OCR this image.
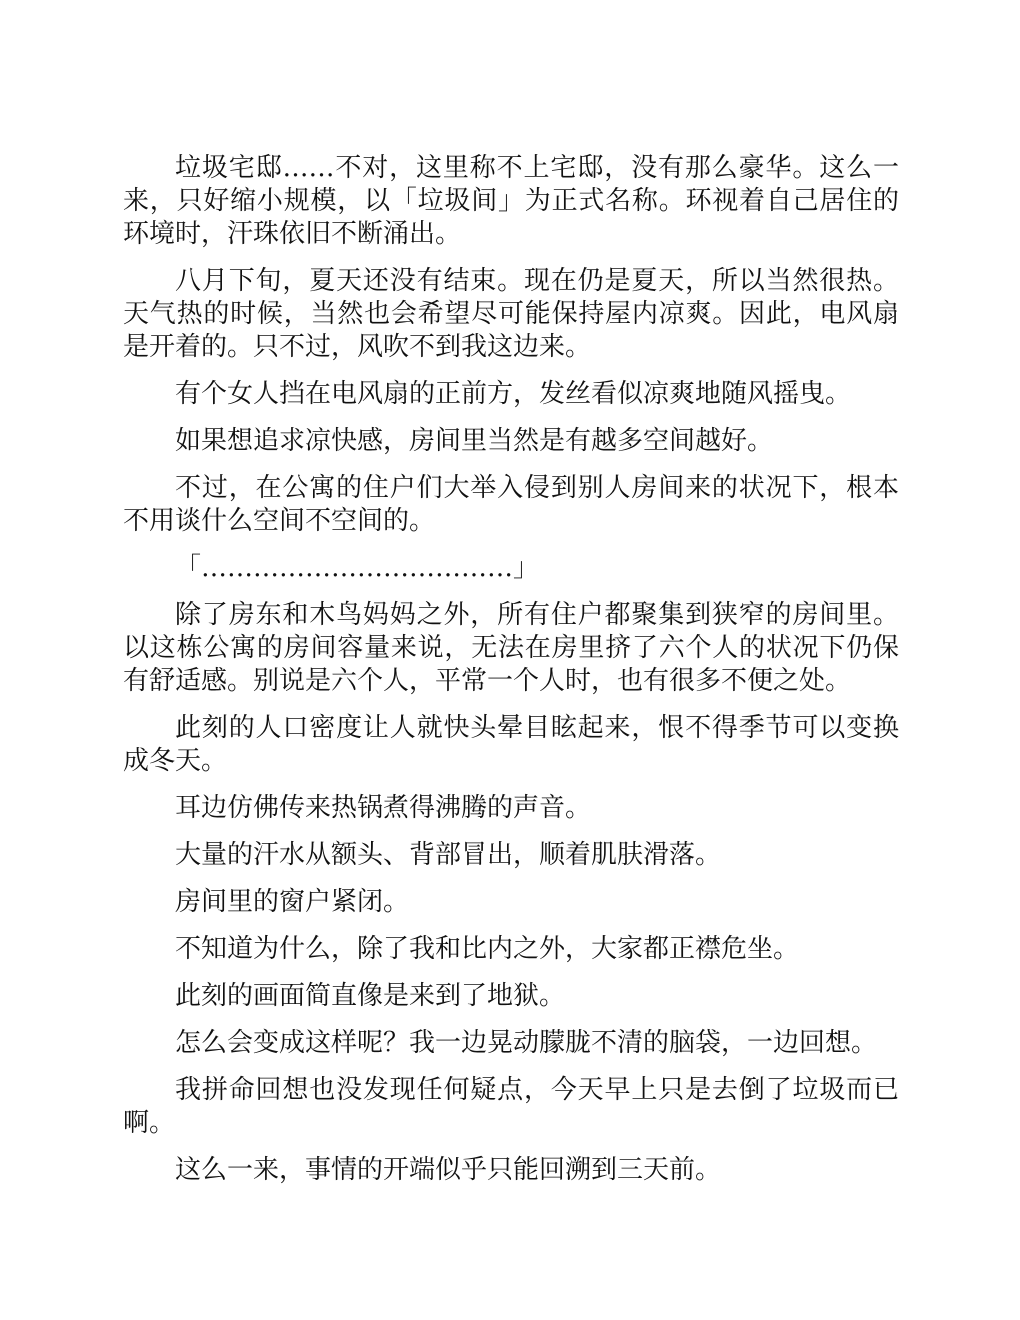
垃圾宅邸……不对，这里称不上宅邸，没有那么豪华。这么一来，只好缩小规模，以「垃圾间」为正式名称。环视着自己居住的环境时，汗珠依旧不断涌出。

八月下旬，夏天还没有结束。现在仍是夏天，所以当然很热。天气热的时候，当然也会希望尽可能保持屋内凉爽。因此，电风扇是开着的。只不过，风吹不到我这边来。

有个女人挡在电风扇的正前方，发丝看似凉爽地随风摇曳。

如果想追求凉快感，房间里当然是有越多空间越好。

不过，在公寓的住户们大举入侵到别人房间来的状况下，根本不用谈什么空间不空间的。

「………………………………」

除了房东和木鸟妈妈之外，所有住户都聚集到狭窄的房间里。以这栋公寓的房间容量来说，无法在房里挤了六个人的状况下仍保有舒适感。别说是六个人，平常一个人时，也有很多不便之处。

此刻的人口密度让人就快头晕目眩起来，恨不得季节可以变换成冬天。

耳边仿佛传来热锅煮得沸腾的声音。

大量的汗水从额头、背部冒出，顺着肌肤滑落。

房间里的窗户紧闭。

不知道为什么，除了我和比内之外，大家都正襟危坐。

此刻的画面简直像是来到了地狱。

怎么会变成这样呢？我一边晃动朦胧不清的脑袋，一边回想。

我拼命回想也没发现任何疑点，今天早上只是去倒了垃圾而已啊。

这么一来，事情的开端似乎只能回溯到三天前。
